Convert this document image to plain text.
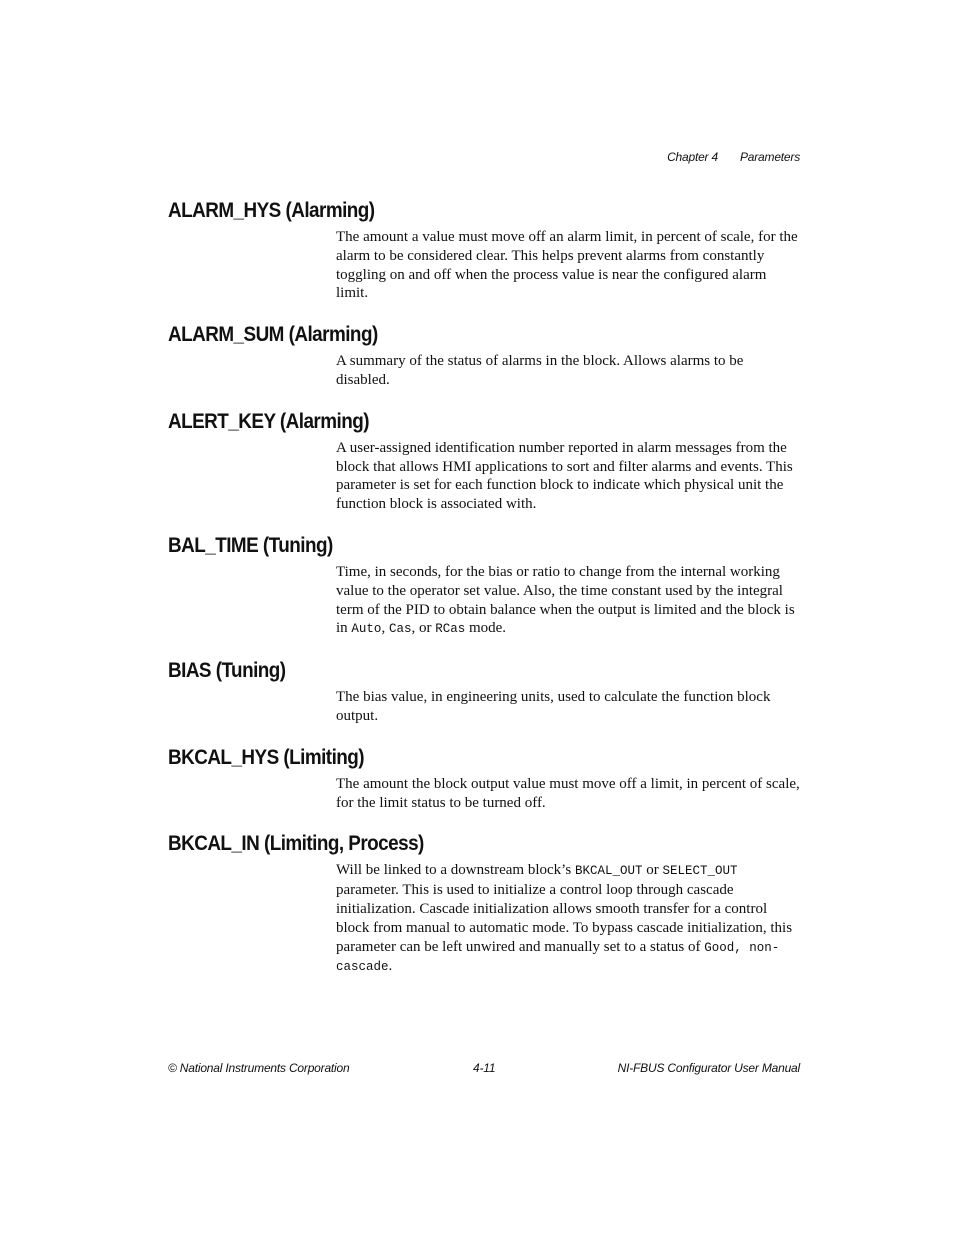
Chapter 4 Parameters
ALARM_HYS (Alarming)

The amount a value must move off an alarm limit, in percent of scale, for the alarm to be considered clear. This helps prevent alarms from constantly toggling on and off when the process value is near the configured alarm limit.

ALARM_SUM (Alarming)

A summary of the status of alarms in the block. Allows alarms to be disabled.

ALERT_KEY (Alarming)

A user-assigned identification number reported in alarm messages from the block that allows HMI applications to sort and filter alarms and events. This parameter is set for each function block to indicate which physical unit the function block is associated with.

BAL_TIME (Tuning)

Time, in seconds, for the bias or ratio to change from the internal working value to the operator set value. Also, the time constant used by the integral term of the PID to obtain balance when the output is limited and the block is in Auto, Cas, or RCas mode.

BIAS (Tuning)

The bias value, in engineering units, used to calculate the function block output.

BKCAL_HYS (Limiting)

The amount the block output value must move off a limit, in percent of scale, for the limit status to be turned off.

BKCAL_IN (Limiting, Process)

Will be linked to a downstream block’s BKCAL_OUT or SELECT_OUT parameter. This is used to initialize a control loop through cascade initialization. Cascade initialization allows smooth transfer for a control block from manual to automatic mode. To bypass cascade initialization, this parameter can be left unwired and manually set to a status of Good, non-cascade.

© National Instruments Corporation	4-11	NI-FBUS Configurator User Manual
